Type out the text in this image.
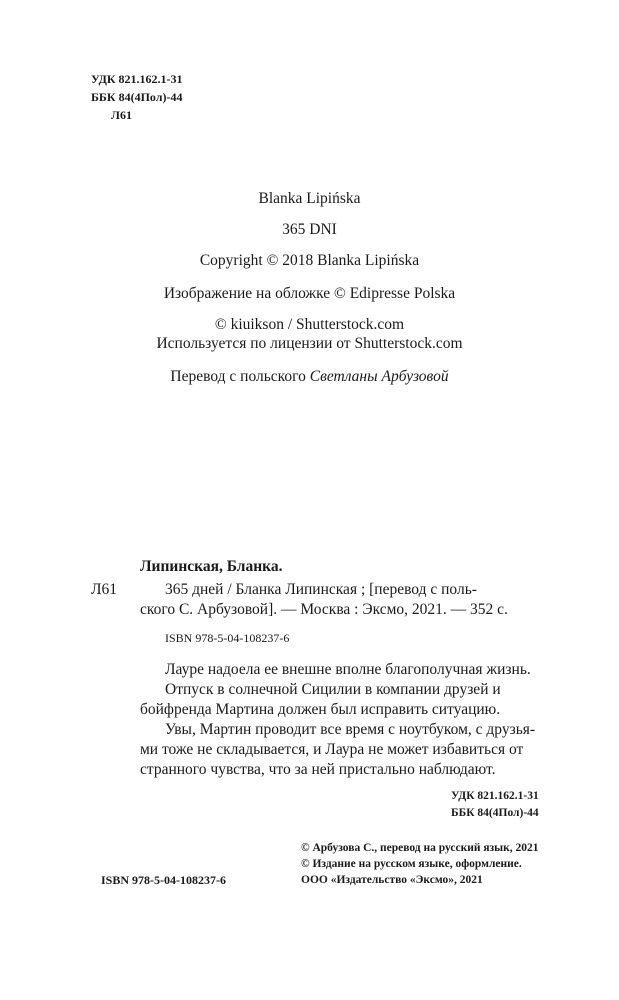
УДК 821.162.1-31
ББК 84(4Пол)-44
Л61
Blanka Lipińska
365 DNI
Copyright © 2018 Blanka Lipińska
Изображение на обложке © Edipresse Polska
© kiuikson / Shutterstock.com
Используется по лицензии от Shutterstock.com
Перевод с польского Светланы Арбузовой
Липинская, Бланка.
Л61	365 дней / Бланка Липинская ; [перевод с поль-
ского С. Арбузовой]. — Москва : Эксмо, 2021. — 352 с.
ISBN 978-5-04-108237-6
Лауре надоела ее внешне вполне благополучная жизнь.
Отпуск в солнечной Сицилии в компании друзей и
бойфренда Мартина должен был исправить ситуацию.
Увы, Мартин проводит все время с ноутбуком, с друзья-
ми тоже не складывается, и Лаура не может избавиться от
странного чувства, что за ней пристально наблюдают.
УДК 821.162.1-31
ББК 84(4Пол)-44
© Арбузова С., перевод на русский язык, 2021
© Издание на русском языке, оформление.
ISBN 978-5-04-108237-6	ООО «Издательство «Эксмо», 2021
